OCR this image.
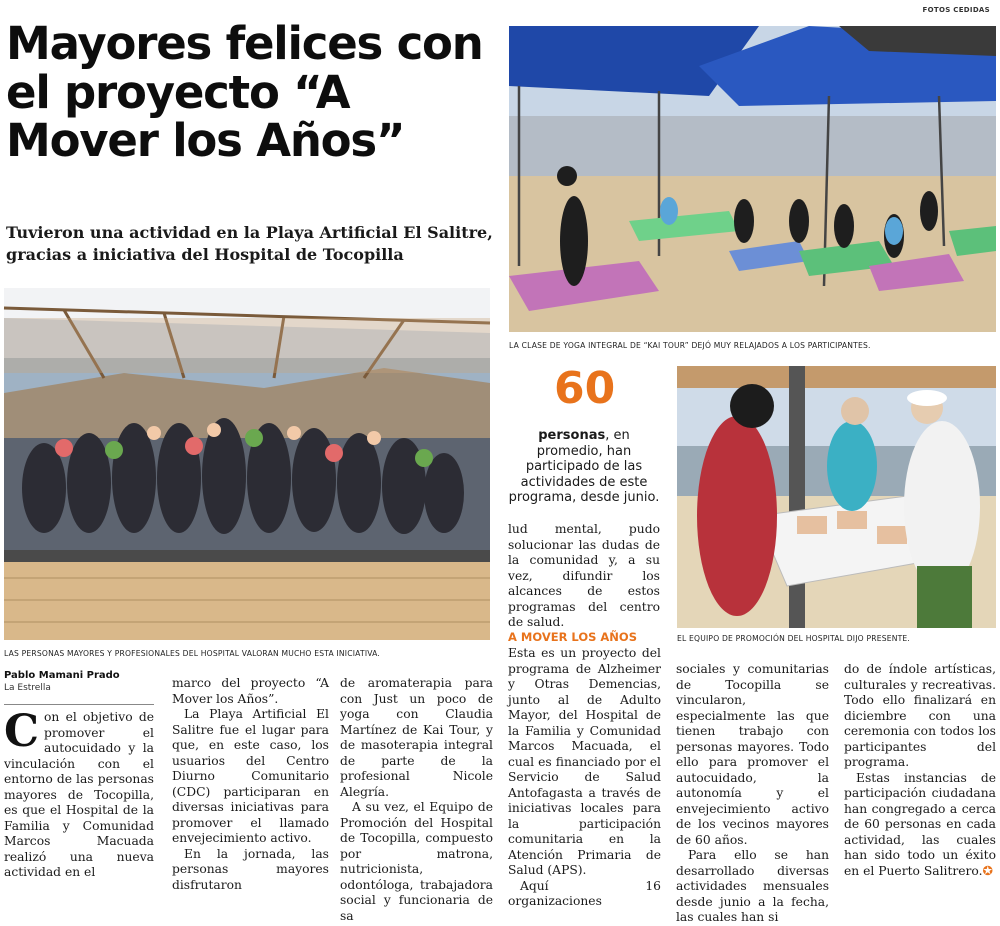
FOTOS CEDIDAS
Mayores felices con el proyecto “A Mover los Años”
Tuvieron una actividad en la Playa Artificial El Salitre, gracias a iniciativa del Hospital de Tocopilla
LAS PERSONAS MAYORES Y PROFESIONALES DEL HOSPITAL VALORAN MUCHO ESTA INICIATIVA.
LA CLASE DE YOGA INTEGRAL DE “KAI TOUR” DEJÓ MUY RELAJADOS A LOS PARTICIPANTES.
EL EQUIPO DE PROMOCIÓN DEL HOSPITAL DIJO PRESENTE.
Pablo Mamani Prado
La Estrella

Con el objetivo de promover el autocuidado y la vinculación con el entorno de las personas mayores de Tocopilla, es que el Hospital de la Familia y Comunidad Marcos Macuada realizó una nueva actividad en el

marco del proyecto “A Mover los Años”.

La Playa Artificial El Salitre fue el lugar para que, en este caso, los usuarios del Centro Diurno Comunitario (CDC) participaran en diversas iniciativas para promover el llamado envejecimiento activo.

En la jornada, las personas mayores disfrutaron

de aromaterapia para con Just un poco de yoga con Claudia Martínez de Kai Tour, y de masoterapia integral de parte de la profesional Nicole Alegría.

A su vez, el Equipo de Promoción del Hospital de Tocopilla, compuesto por matrona, nutricionista, odontóloga, trabajadora social y funcionaria de sa

60
personas, en promedio, han participado de las actividades de este programa, desde junio.

lud mental, pudo solucionar las dudas de la comunidad y, a su vez, difundir los alcances de estos programas del centro de salud.

A MOVER LOS AÑOS

Esta es un proyecto del programa de Alzheimer y Otras Demencias, junto al de Adulto Mayor, del Hospital de la Familia y Comunidad Marcos Macuada, el cual es financiado por el Servicio de Salud Antofagasta a través de iniciativas locales para la participación comunitaria en la Atención Primaria de Salud (APS).

Aquí 16 organizaciones

sociales y comunitarias de Tocopilla se vincularon, especialmente las que tienen trabajo con personas mayores. Todo ello para promover el autocuidado, la autonomía y el envejecimiento activo de los vecinos mayores de 60 años.

Para ello se han desarrollado diversas actividades mensuales desde junio a la fecha, las cuales han si

do de índole artísticas, culturales y recreativas. Todo ello finalizará en diciembre con una ceremonia con todos los participantes del programa.

Estas instancias de participación ciudadana han congregado a cerca de 60 personas en cada actividad, las cuales han sido todo un éxito en el Puerto Salitrero.✪
